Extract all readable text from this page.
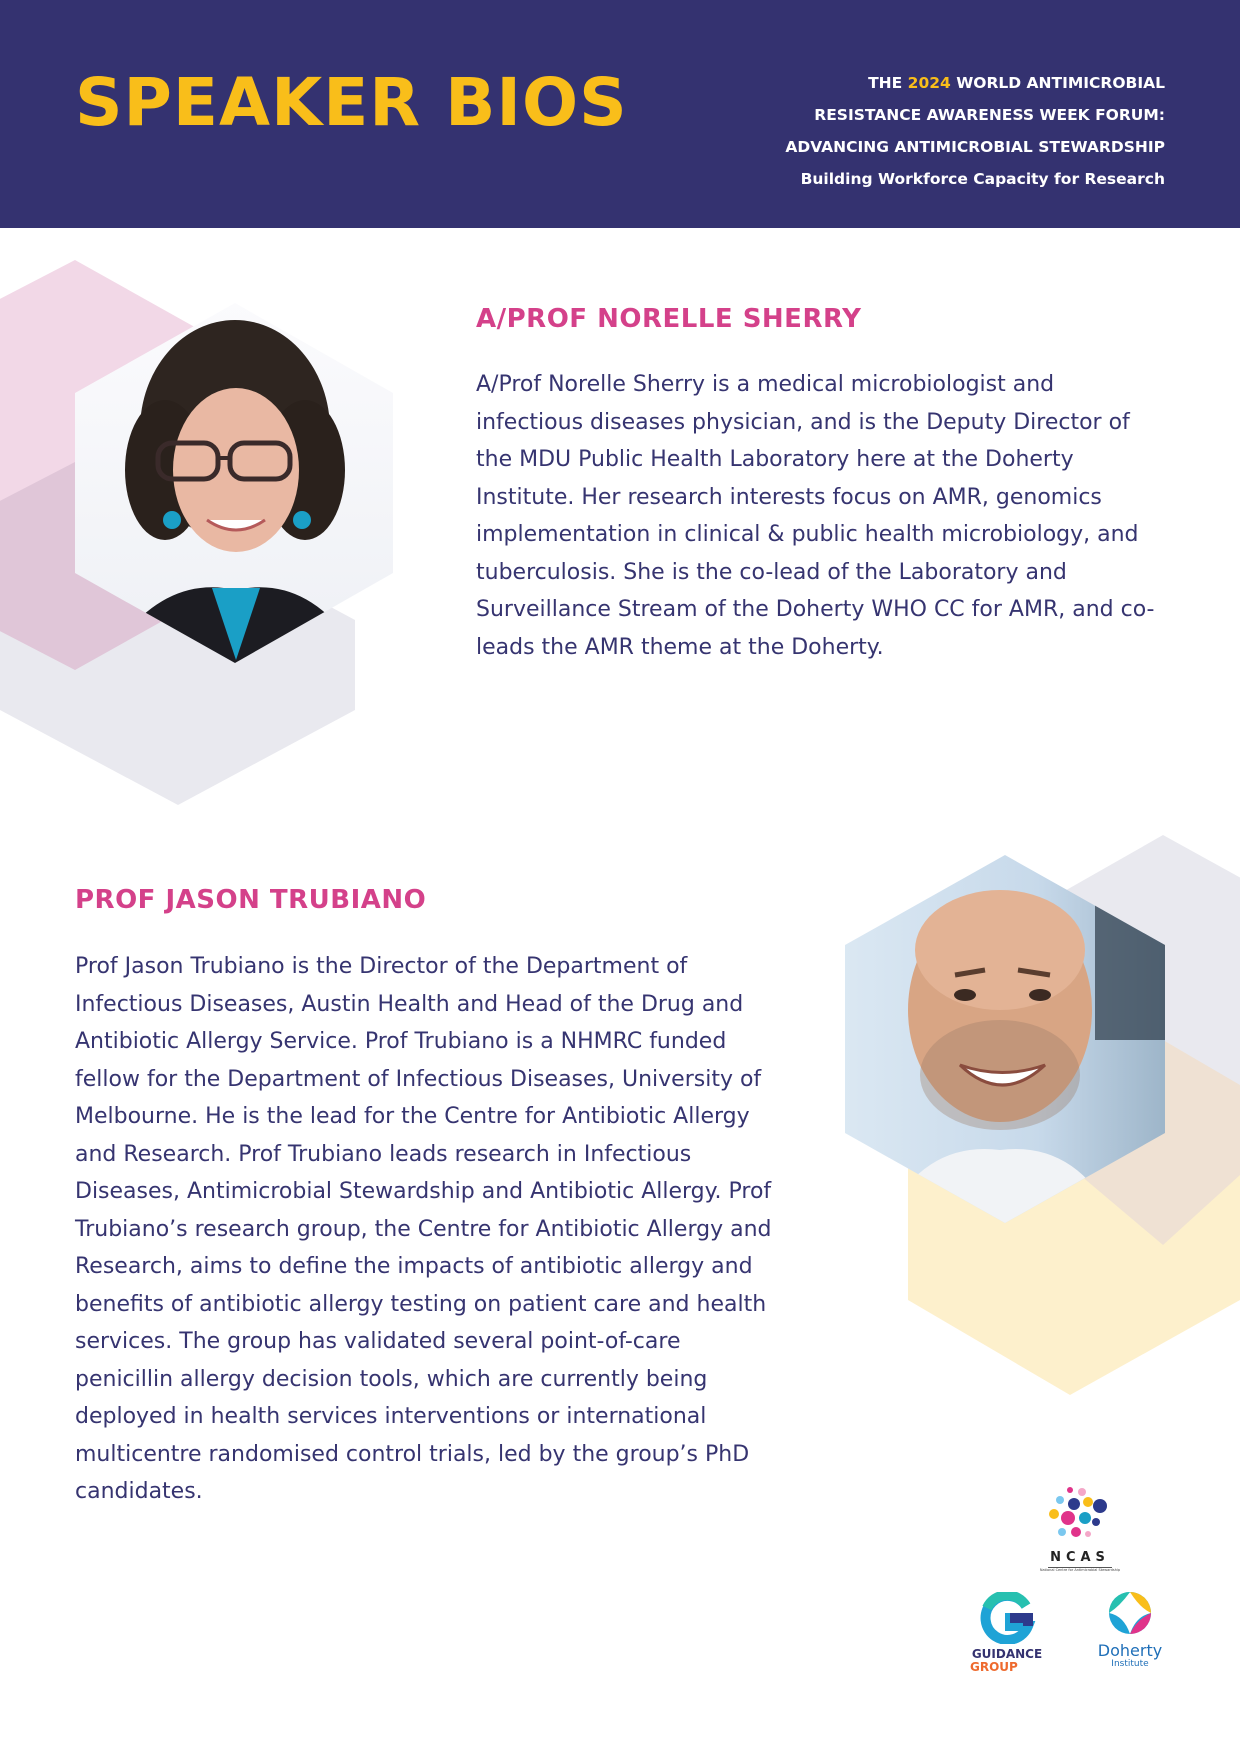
SPEAKER BIOS	THE 2024 WORLD ANTIMICROBIAL
RESISTANCE AWARENESS WEEK FORUM:
ADVANCING ANTIMICROBIAL STEWARDSHIP
Building Workforce Capacity for Research
A/PROF NORELLE SHERRY

A/Prof Norelle Sherry is a medical microbiologist and infectious diseases physician, and is the Deputy Director of the MDU Public Health Laboratory here at the Doherty Institute. Her research interests focus on AMR, genomics implementation in clinical & public health microbiology, and tuberculosis. She is the co-lead of the Laboratory and Surveillance Stream of the Doherty WHO CC for AMR, and co-leads the AMR theme at the Doherty.

PROF JASON TRUBIANO

Prof Jason Trubiano is the Director of the Department of Infectious Diseases, Austin Health and Head of the Drug and Antibiotic Allergy Service. Prof Trubiano is a NHMRC funded fellow for the Department of Infectious Diseases, University of Melbourne. He is the lead for the Centre for Antibiotic Allergy and Research. Prof Trubiano leads research in Infectious Diseases, Antimicrobial Stewardship and Antibiotic Allergy. Prof Trubiano’s research group, the Centre for Antibiotic Allergy and Research, aims to define the impacts of antibiotic allergy and benefits of antibiotic allergy testing on patient care and health services. The group has validated several point-of-care penicillin allergy decision tools, which are currently being deployed in health services interventions or international multicentre randomised control trials, led by the group’s PhD candidates.

NCAS
National Centre for Antimicrobial Stewardship
GUIDANCE
GROUP
Doherty
Institute
